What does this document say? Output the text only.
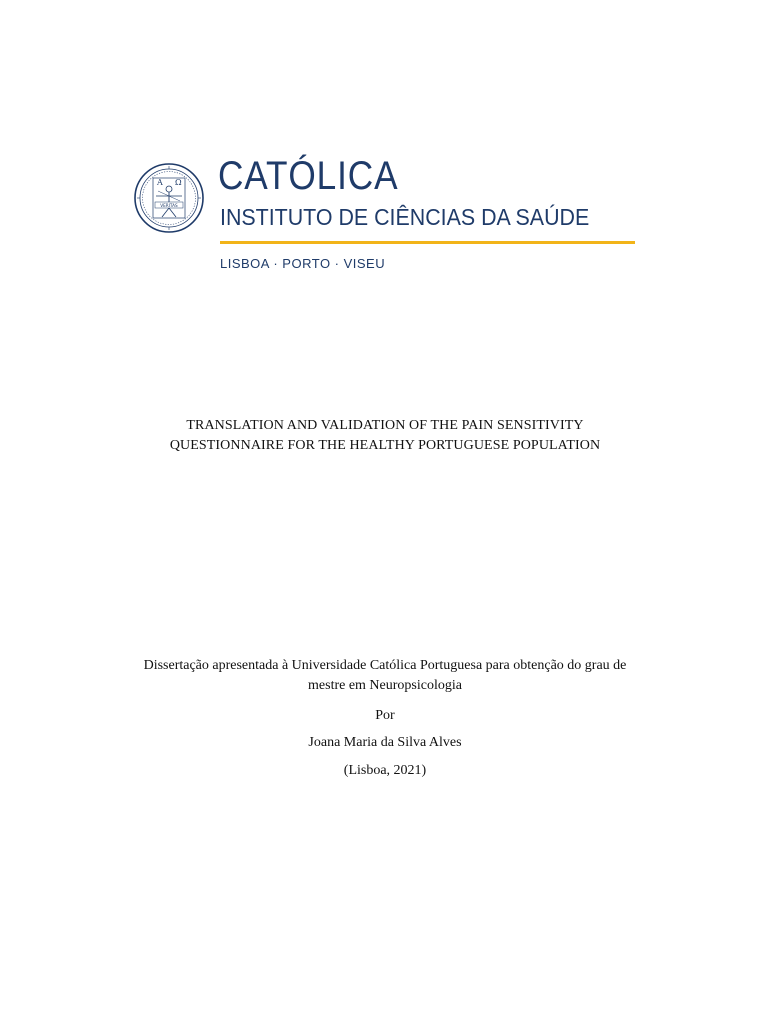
Α Ω
VERITAS
CATÓLICA
INSTITUTO DE CIÊNCIAS DA SAÚDE
LISBOA · PORTO · VISEU
TRANSLATION AND VALIDATION OF THE PAIN SENSITIVITY
QUESTIONNAIRE FOR THE HEALTHY PORTUGUESE POPULATION
Dissertação apresentada à Universidade Católica Portuguesa para obtenção do grau de
mestre em Neuropsicologia
Por
Joana Maria da Silva Alves
(Lisboa, 2021)
